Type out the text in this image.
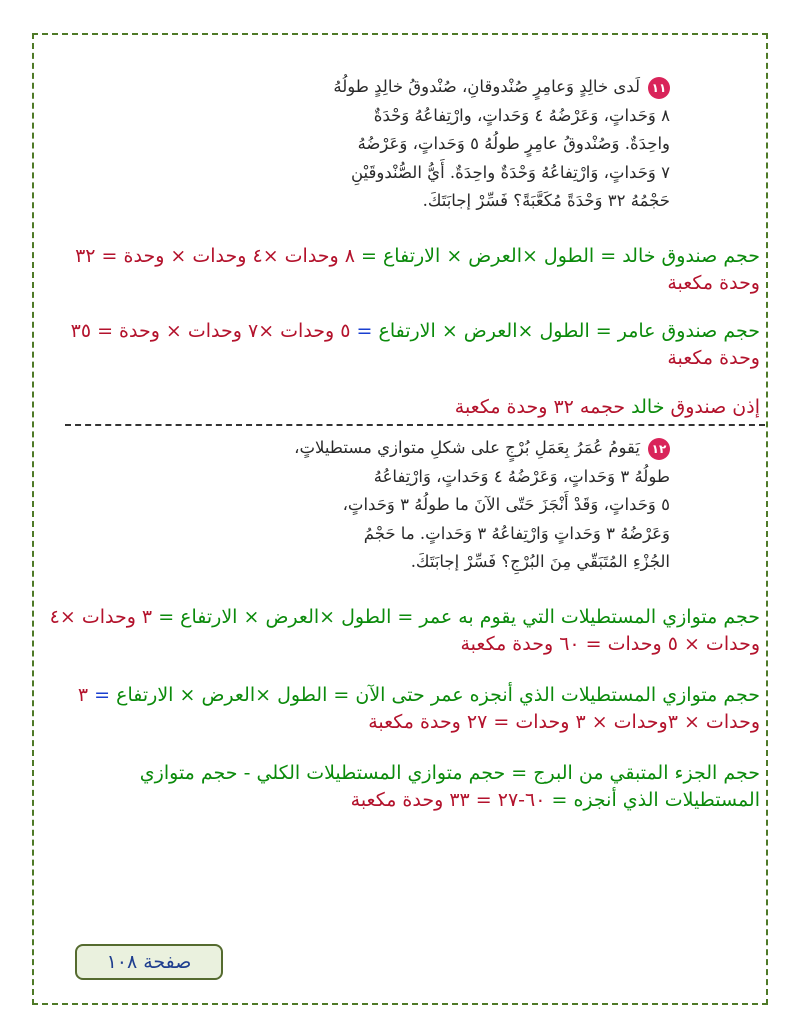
١١لَدى خالِدٍ وَعامِرٍ صُنْدوقانِ، صُنْدوقُ خالِدٍ طولُهُ
٨ وَحَداتٍ، وَعَرْضُهُ ٤ وَحَداتٍ، وارْتِفاعُهُ وَحْدَةٌ
واحِدَةٌ. وَصُنْدوقُ عامِرٍ طولُهُ ٥ وَحَداتٍ، وَعَرْضُهُ
٧ وَحَداتٍ، وَارْتِفاعُهُ وَحْدَةٌ واحِدَةٌ. أَيُّ الصُّنْدوقَيْنِ
حَجْمُهُ ٣٢ وَحْدَةً مُكَعَّبَةً؟ فَسِّرْ إجابَتَكَ.
حجم صندوق خالد = الطول ×العرض × الارتفاع = ٨ وحدات ×٤ وحدات × وحدة = ٣٢ وحدة مكعبة
حجم صندوق عامر = الطول ×العرض × الارتفاع = ٥ وحدات ×٧ وحدات × وحدة = ٣٥ وحدة مكعبة
إذن صندوق خالد حجمه ٣٢ وحدة مكعبة
١٢يَقومُ عُمَرُ بِعَمَلِ بُرْجٍ على شكلِ متوازي مستطيلاتٍ،
طولُهُ ٣ وَحَداتٍ، وَعَرْضُهُ ٤ وَحَداتٍ، وَارْتِفاعُهُ
٥ وَحَداتٍ، وَقَدْ أَنْجَزَ حَتّى الآنَ ما طولُهُ ٣ وَحَداتٍ،
وَعَرْضُهُ ٣ وَحَداتٍ وَارْتِفاعُهُ ٣ وَحَداتٍ. ما حَجْمُ
الجُزْءِ المُتَبَقّي مِنَ البُرْجِ؟ فَسِّرْ إجابَتَكَ.
حجم متوازي المستطيلات التي يقوم به عمر = الطول ×العرض × الارتفاع = ٣ وحدات ×٤ وحدات × ٥ وحدات = ٦٠ وحدة مكعبة
حجم متوازي المستطيلات الذي أنجزه عمر حتى الآن = الطول ×العرض × الارتفاع = ٣ وحدات × ٣وحدات × ٣ وحدات = ٢٧ وحدة مكعبة
حجم الجزء المتبقي من البرج = حجم متوازي المستطيلات الكلي - حجم متوازي المستطيلات الذي أنجزه = ٦٠-٢٧ = ٣٣ وحدة مكعبة
صفحة ١٠٨
